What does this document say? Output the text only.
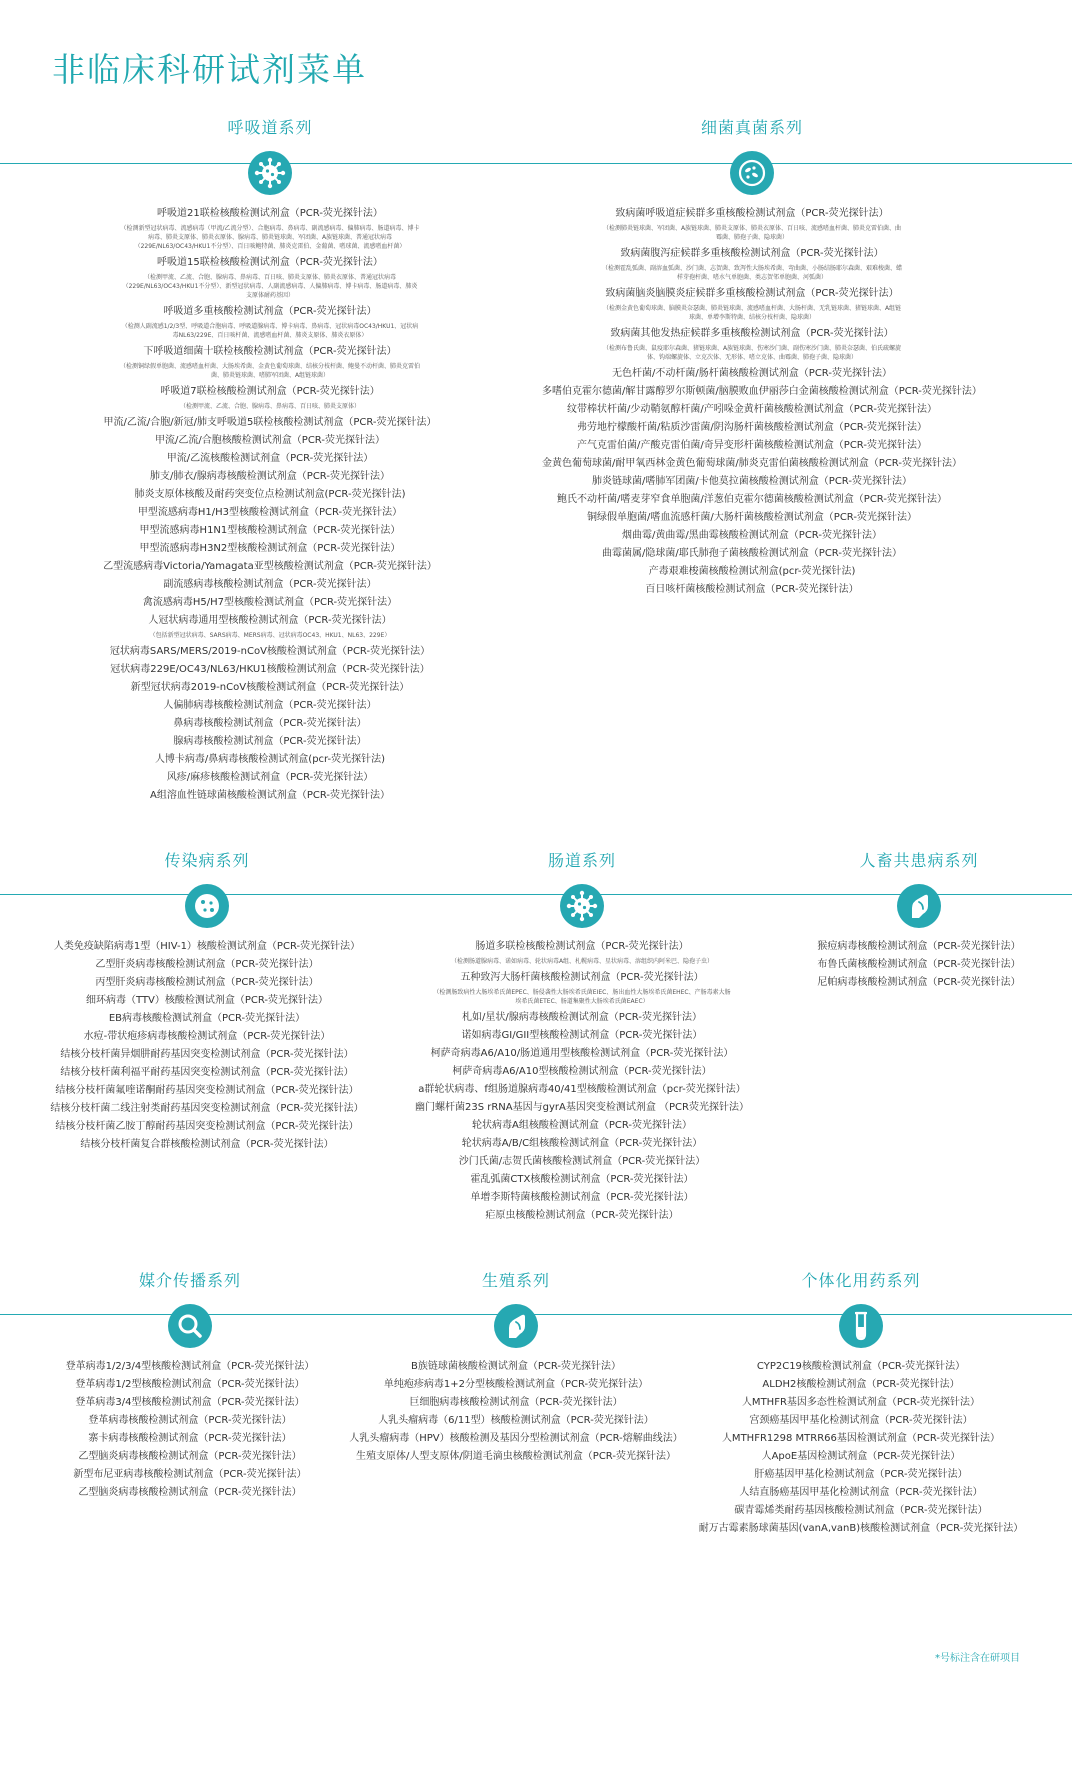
非临床科研试剂菜单
呼吸道系列
呼吸道21联检核酸检测试剂盒（PCR-荧光探针法）
（检测新型冠状病毒、流感病毒（甲流/乙流分型）、合胞病毒、鼻病毒、副流感病毒、偏肺病毒、肠道病毒、博卡病毒、肺炎支原体、肺炎衣原体、腺病毒、肺炎链球菌、军团菌、A族链球菌、普通冠状病毒（229E/NL63/OC43/HKU1不分型）、百日咳鲍特菌、肺炎克雷伯、金葡菌、嗜球菌、流感嗜血杆菌）
呼吸道15联检核酸检测试剂盒（PCR-荧光探针法）
（检测甲流、乙流、合胞、腺病毒、鼻病毒、百日咳、肺炎支原体、肺炎衣原体、普通冠状病毒（229E/NL63/OC43/HKU1不分型）、新型冠状病毒、人副流感病毒、人偏肺病毒、博卡病毒、肠道病毒、肺炎支原体耐药基因）
呼吸道多重核酸检测试剂盒（PCR-荧光探针法）
（检测人副流感1/2/3型、呼吸道合胞病毒、呼吸道腺病毒、博卡病毒、鼻病毒、冠状病毒OC43/HKU1、冠状病毒NL63/229E、百日咳杆菌、流感嗜血杆菌、肺炎支原体、肺炎衣原体）
下呼吸道细菌十联检核酸检测试剂盒（PCR-荧光探针法）
（检测铜绿假单胞菌、流感嗜血杆菌、大肠埃希菌、金黄色葡萄球菌、结核分枝杆菌、鲍曼不动杆菌、肺炎克雷伯菌、肺炎链球菌、嗜肺军团菌、A组链球菌）
呼吸道7联检核酸检测试剂盒（PCR-荧光探针法）
（检测甲流、乙流、合胞、腺病毒、鼻病毒、百日咳、肺炎支原体）
甲流/乙流/合胞/新冠/肺支呼吸道5联检核酸检测试剂盒（PCR-荧光探针法）
甲流/乙流/合胞核酸检测试剂盒（PCR-荧光探针法）
甲流/乙流核酸检测试剂盒（PCR-荧光探针法）
肺支/肺衣/腺病毒核酸检测试剂盒（PCR-荧光探针法）
肺炎支原体核酸及耐药突变位点检测试剂盒(PCR-荧光探针法)
甲型流感病毒H1/H3型核酸检测试剂盒（PCR-荧光探针法）
甲型流感病毒H1N1型核酸检测试剂盒（PCR-荧光探针法）
甲型流感病毒H3N2型核酸检测试剂盒（PCR-荧光探针法）
乙型流感病毒Victoria/Yamagata亚型核酸检测试剂盒（PCR-荧光探针法）
副流感病毒核酸检测试剂盒（PCR-荧光探针法）
禽流感病毒H5/H7型核酸检测试剂盒（PCR-荧光探针法）
人冠状病毒通用型核酸检测试剂盒（PCR-荧光探针法）
（包括新型冠状病毒、SARS病毒、MERS病毒、冠状病毒OC43、HKU1、NL63、229E）
冠状病毒SARS/MERS/2019-nCoV核酸检测试剂盒（PCR-荧光探针法）
冠状病毒229E/OC43/NL63/HKU1核酸检测试剂盒（PCR-荧光探针法）
新型冠状病毒2019-nCoV核酸检测试剂盒（PCR-荧光探针法）
人偏肺病毒核酸检测试剂盒（PCR-荧光探针法）
鼻病毒核酸检测试剂盒（PCR-荧光探针法）
腺病毒核酸检测试剂盒（PCR-荧光探针法）
人博卡病毒/鼻病毒核酸检测试剂盒(pcr-荧光探针法)
风疹/麻疹核酸检测试剂盒（PCR-荧光探针法）
A组溶血性链球菌核酸检测试剂盒（PCR-荧光探针法）
细菌真菌系列
致病菌呼吸道症候群多重核酸检测试剂盒（PCR-荧光探针法）
（检测肺炎链球菌、军团菌、A族链球菌、肺炎支原体、肺炎衣原体、百日咳、流感嗜血杆菌、肺炎克雷伯菌、曲霉菌、肺孢子菌、隐球菌）
致病菌腹泻症候群多重核酸检测试剂盒（PCR-荧光探针法）
（检测霍乱弧菌、副溶血弧菌、沙门菌、志贺菌、致泻性大肠埃希菌、弯曲菌、小肠结肠耶尔森菌、艰难梭菌、蜡样芽孢杆菌、嗜水气单胞菌、类志贺邻单胞菌、河弧菌）
致病菌脑炎脑膜炎症候群多重核酸检测试剂盒（PCR-荧光探针法）
（检测金黄色葡萄球菌、脑膜炎奈瑟菌、肺炎链球菌、流感嗜血杆菌、大肠杆菌、无乳链球菌、猪链球菌、A组链球菌、单增李斯特菌、结核分枝杆菌、隐球菌）
致病菌其他发热症候群多重核酸检测试剂盒（PCR-荧光探针法）
（检测布鲁氏菌、鼠疫耶尔森菌、猪链球菌、A族链球菌、伤寒沙门菌、副伤寒沙门菌、肺炎奈瑟菌、伯氏疏螺旋体、钩端螺旋体、立克次体、无形体、嗜立克体、曲霉菌、肺孢子菌、隐球菌）
无色杆菌/不动杆菌/肠杆菌核酸检测试剂盒（PCR-荧光探针法）
多嗜伯克霍尔德菌/解甘露醇罗尔斯顿菌/脑膜败血伊丽莎白金菌核酸检测试剂盒（PCR-荧光探针法）
纹带棒状杆菌/少动鞘氨醇杆菌/产吲哚金黄杆菌核酸检测试剂盒（PCR-荧光探针法）
弗劳地柠檬酸杆菌/粘质沙雷菌/阴沟肠杆菌核酸检测试剂盒（PCR-荧光探针法）
产气克雷伯菌/产酸克雷伯菌/奇异变形杆菌核酸检测试剂盒（PCR-荧光探针法）
金黄色葡萄球菌/耐甲氧西林金黄色葡萄球菌/肺炎克雷伯菌核酸检测试剂盒（PCR-荧光探针法）
肺炎链球菌/嗜肺军团菌/卡他莫拉菌核酸检测试剂盒（PCR-荧光探针法）
鲍氏不动杆菌/嗜麦芽窄食单胞菌/洋葱伯克霍尔德菌核酸检测试剂盒（PCR-荧光探针法）
铜绿假单胞菌/嗜血流感杆菌/大肠杆菌核酸检测试剂盒（PCR-荧光探针法）
烟曲霉/黄曲霉/黑曲霉核酸检测试剂盒（PCR-荧光探针法）
曲霉菌属/隐球菌/耶氏肺孢子菌核酸检测试剂盒（PCR-荧光探针法）
产毒艰难梭菌核酸检测试剂盒(pcr-荧光探针法)
百日咳杆菌核酸检测试剂盒（PCR-荧光探针法）
传染病系列
人类免疫缺陷病毒1型（HIV-1）核酸检测试剂盒（PCR-荧光探针法）
乙型肝炎病毒核酸检测试剂盒（PCR-荧光探针法）
丙型肝炎病毒核酸检测试剂盒（PCR-荧光探针法）
细环病毒（TTV）核酸检测试剂盒（PCR-荧光探针法）
EB病毒核酸检测试剂盒（PCR-荧光探针法）
水痘-带状疱疹病毒核酸检测试剂盒（PCR-荧光探针法）
结核分枝杆菌异烟肼耐药基因突变检测试剂盒（PCR-荧光探针法）
结核分枝杆菌利福平耐药基因突变检测试剂盒（PCR-荧光探针法）
结核分枝杆菌氟喹诺酮耐药基因突变检测试剂盒（PCR-荧光探针法）
结核分枝杆菌二线注射类耐药基因突变检测试剂盒（PCR-荧光探针法）
结核分枝杆菌乙胺丁醇耐药基因突变检测试剂盒（PCR-荧光探针法）
结核分枝杆菌复合群核酸检测试剂盒（PCR-荧光探针法）
肠道系列
肠道多联检核酸检测试剂盒（PCR-荧光探针法）
（检测肠道腺病毒、诺如病毒、轮状病毒A组、札幌病毒、星状病毒、溶组织内阿米巴、隐孢子虫）
五种致泻大肠杆菌核酸检测试剂盒（PCR-荧光探针法）
（检测肠致病性大肠埃希氏菌EPEC、肠侵袭性大肠埃希氏菌EIEC、肠出血性大肠埃希氏菌EHEC、产肠毒素大肠埃希氏菌ETEC、肠道集聚性大肠埃希氏菌EAEC）
札如/星状/腺病毒核酸检测试剂盒（PCR-荧光探针法）
诺如病毒GI/GII型核酸检测试剂盒（PCR-荧光探针法）
柯萨奇病毒A6/A10/肠道通用型核酸检测试剂盒（PCR-荧光探针法）
柯萨奇病毒A6/A10型核酸检测试剂盒（PCR-荧光探针法）
a群轮状病毒、f组肠道腺病毒40/41型核酸检测试剂盒（pcr-荧光探针法）
幽门螺杆菌23S rRNA基因与gyrA基因突变检测试剂盒 （PCR荧光探针法）
轮状病毒A组核酸检测试剂盒（PCR-荧光探针法）
轮状病毒A/B/C组核酸检测试剂盒（PCR-荧光探针法）
沙门氏菌/志贺氏菌核酸检测试剂盒（PCR-荧光探针法）
霍乱弧菌CTX核酸检测试剂盒（PCR-荧光探针法）
单增李斯特菌核酸检测试剂盒（PCR-荧光探针法）
疟原虫核酸检测试剂盒（PCR-荧光探针法）
人畜共患病系列
猴痘病毒核酸检测试剂盒（PCR-荧光探针法）
布鲁氏菌核酸检测试剂盒（PCR-荧光探针法）
尼帕病毒核酸检测试剂盒（PCR-荧光探针法）
媒介传播系列
登革病毒1/2/3/4型核酸检测试剂盒（PCR-荧光探针法）
登革病毒1/2型核酸检测试剂盒（PCR-荧光探针法）
登革病毒3/4型核酸检测试剂盒（PCR-荧光探针法）
登革病毒核酸检测试剂盒（PCR-荧光探针法）
寨卡病毒核酸检测试剂盒（PCR-荧光探针法）
乙型脑炎病毒核酸检测试剂盒（PCR-荧光探针法）
新型布尼亚病毒核酸检测试剂盒（PCR-荧光探针法）
乙型脑炎病毒核酸检测试剂盒（PCR-荧光探针法）
生殖系列
B族链球菌核酸检测试剂盒（PCR-荧光探针法）
单纯疱疹病毒1+2分型核酸检测试剂盒（PCR-荧光探针法）
巨细胞病毒核酸检测试剂盒（PCR-荧光探针法）
人乳头瘤病毒（6/11型）核酸检测试剂盒（PCR-荧光探针法）
人乳头瘤病毒（HPV）核酸检测及基因分型检测试剂盒（PCR-熔解曲线法）
生殖支原体/人型支原体/阴道毛滴虫核酸检测试剂盒（PCR-荧光探针法）
个体化用药系列
CYP2C19核酸检测试剂盒（PCR-荧光探针法）
ALDH2核酸检测试剂盒（PCR-荧光探针法）
人MTHFR基因多态性检测试剂盒（PCR-荧光探针法）
宫颈癌基因甲基化检测试剂盒（PCR-荧光探针法）
人MTHFR1298 MTRR66基因检测试剂盒（PCR-荧光探针法）
人ApoE基因检测试剂盒（PCR-荧光探针法）
肝癌基因甲基化检测试剂盒（PCR-荧光探针法）
人结直肠癌基因甲基化检测试剂盒（PCR-荧光探针法）
碳青霉烯类耐药基因核酸检测试剂盒（PCR-荧光探针法）
耐万古霉素肠球菌基因(vanA,vanB)核酸检测试剂盒（PCR-荧光探针法）

*号标注含在研项目
